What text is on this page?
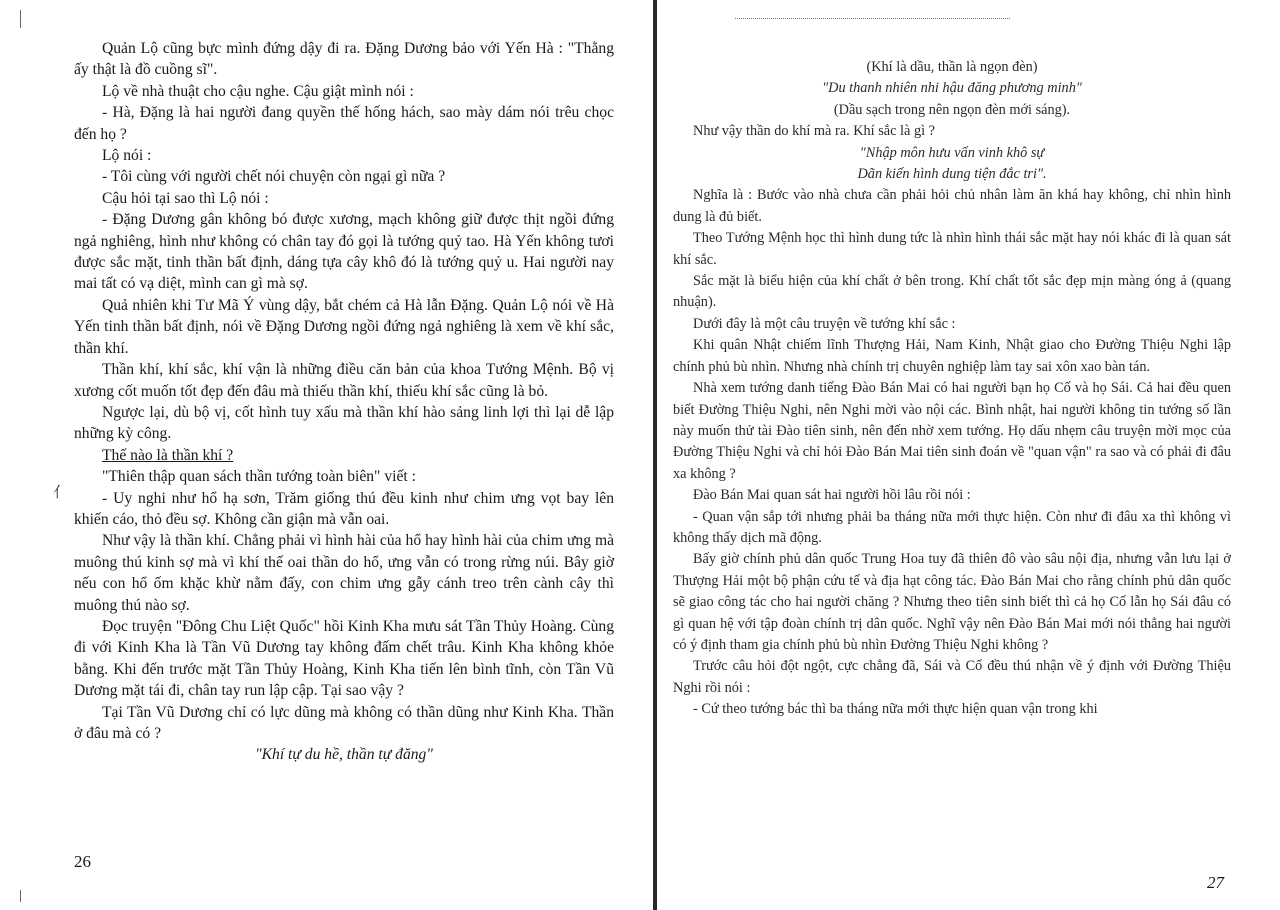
Quản Lộ cũng bực mình đứng dậy đi ra. Đặng Dương bảo với Yến Hà : "Thằng ấy thật là đồ cuồng sĩ".

Lộ về nhà thuật cho cậu nghe. Cậu giật mình nói :

- Hà, Đặng là hai người đang quyền thế hống hách, sao mày dám nói trêu chọc đến họ ?

Lộ nói :

- Tôi cùng với người chết nói chuyện còn ngại gì nữa ?

Cậu hỏi tại sao thì Lộ nói :

- Đặng Dương gân không bó được xương, mạch không giữ được thịt ngồi đứng ngả nghiêng, hình như không có chân tay đó gọi là tướng quỷ tao. Hà Yến không tươi được sắc mặt, tinh thần bất định, dáng tựa cây khô đó là tướng quỷ u. Hai người nay mai tất có vạ diệt, mình can gì mà sợ.

Quả nhiên khi Tư Mã Ý vùng dậy, bắt chém cả Hà lẫn Đặng. Quản Lộ nói về Hà Yến tinh thần bất định, nói về Đặng Dương ngồi đứng ngả nghiêng là xem về khí sắc, thần khí.

Thần khí, khí sắc, khí vận là những điều căn bản của khoa Tướng Mệnh. Bộ vị xương cốt muốn tốt đẹp đến đâu mà thiếu thần khí, thiếu khí sắc cũng là bỏ.

Ngược lại, dù bộ vị, cốt hình tuy xấu mà thần khí hào sảng linh lợi thì lại dễ lập những kỳ công.

Thế nào là thần khí ?

"Thiên thập quan sách thần tướng toàn biên" viết :

- Uy nghi như hổ hạ sơn, Trăm giống thú đều kinh như chim ưng vọt bay lên khiến cáo, thỏ đều sợ. Không cần giận mà vẫn oai.

Như vậy là thần khí. Chẳng phải vì hình hài của hổ hay hình hài của chim ưng mà muông thú kinh sợ mà vì khí thế oai thần do hổ, ưng vẫn có trong rừng núi. Bây giờ nếu con hổ ốm khặc khừ nằm đấy, con chim ưng gẫy cánh treo trên cành cây thì muông thú nào sợ.

Đọc truyện "Đông Chu Liệt Quốc" hồi Kinh Kha mưu sát Tần Thủy Hoàng. Cùng đi với Kinh Kha là Tần Vũ Dương tay không đấm chết trâu. Kinh Kha không khỏe bằng. Khi đến trước mặt Tần Thủy Hoàng, Kinh Kha tiến lên bình tĩnh, còn Tần Vũ Dương mặt tái đi, chân tay run lập cập. Tại sao vậy ?

Tại Tần Vũ Dương chỉ có lực dũng mà không có thần dũng như Kinh Kha. Thần ở đâu mà có ?

"Khí tự du hề, thần tự đăng"

⺅
26

(Khí là dầu, thần là ngọn đèn)

"Du thanh nhiên nhi hậu đăng phương minh"

(Dầu sạch trong nên ngọn đèn mới sáng).

Như vậy thần do khí mà ra. Khí sắc là gì ?

"Nhập môn hưu vấn vinh khô sự

Dãn kiến hình dung tiện đắc tri".

Nghĩa là : Bước vào nhà chưa cần phải hỏi chủ nhân làm ăn khá hay không, chỉ nhìn hình dung là đủ biết.

Theo Tướng Mệnh học thì hình dung tức là nhìn hình thái sắc mặt hay nói khác đi là quan sát khí sắc.

Sắc mặt là biểu hiện của khí chất ở bên trong. Khí chất tốt sắc đẹp mịn màng óng ả (quang nhuận).

Dưới đây là một câu truyện về tướng khí sắc :

Khi quân Nhật chiếm lĩnh Thượng Hải, Nam Kinh, Nhật giao cho Đường Thiệu Nghi lập chính phủ bù nhìn. Nhưng nhà chính trị chuyên nghiệp làm tay sai xôn xao bàn tán.

Nhà xem tướng danh tiếng Đào Bán Mai có hai người bạn họ Cố và họ Sái. Cả hai đều quen biết Đường Thiệu Nghi, nên Nghi mời vào nội các. Bình nhật, hai người không tin tướng số lần này muốn thử tài Đào tiên sinh, nên đến nhờ xem tướng. Họ dấu nhẹm câu truyện mời mọc của Đường Thiệu Nghi và chỉ hỏi Đào Bán Mai tiên sinh đoán về "quan vận" ra sao và có phải đi đâu xa không ?

Đào Bán Mai quan sát hai người hồi lâu rồi nói :

- Quan vận sắp tới nhưng phải ba tháng nữa mới thực hiện. Còn như đi đâu xa thì không vì không thấy dịch mã động.

Bấy giờ chính phủ dân quốc Trung Hoa tuy đã thiên đô vào sâu nội địa, nhưng vẫn lưu lại ở Thượng Hải một bộ phận cứu tế và địa hạt công tác. Đào Bán Mai cho rằng chính phủ dân quốc sẽ giao công tác cho hai người chăng ? Nhưng theo tiên sinh biết thì cả họ Cố lẫn họ Sái đâu có gì quan hệ với tập đoàn chính trị dân quốc. Nghĩ vậy nên Đào Bán Mai mới nói thẳng hai người có ý định tham gia chính phủ bù nhìn Đường Thiệu Nghi không ?

Trước câu hỏi đột ngột, cực chẳng đã, Sái và Cố đều thú nhận về ý định với Đường Thiệu Nghi rồi nói :

- Cứ theo tướng bác thì ba tháng nữa mới thực hiện quan vận trong khi

27
